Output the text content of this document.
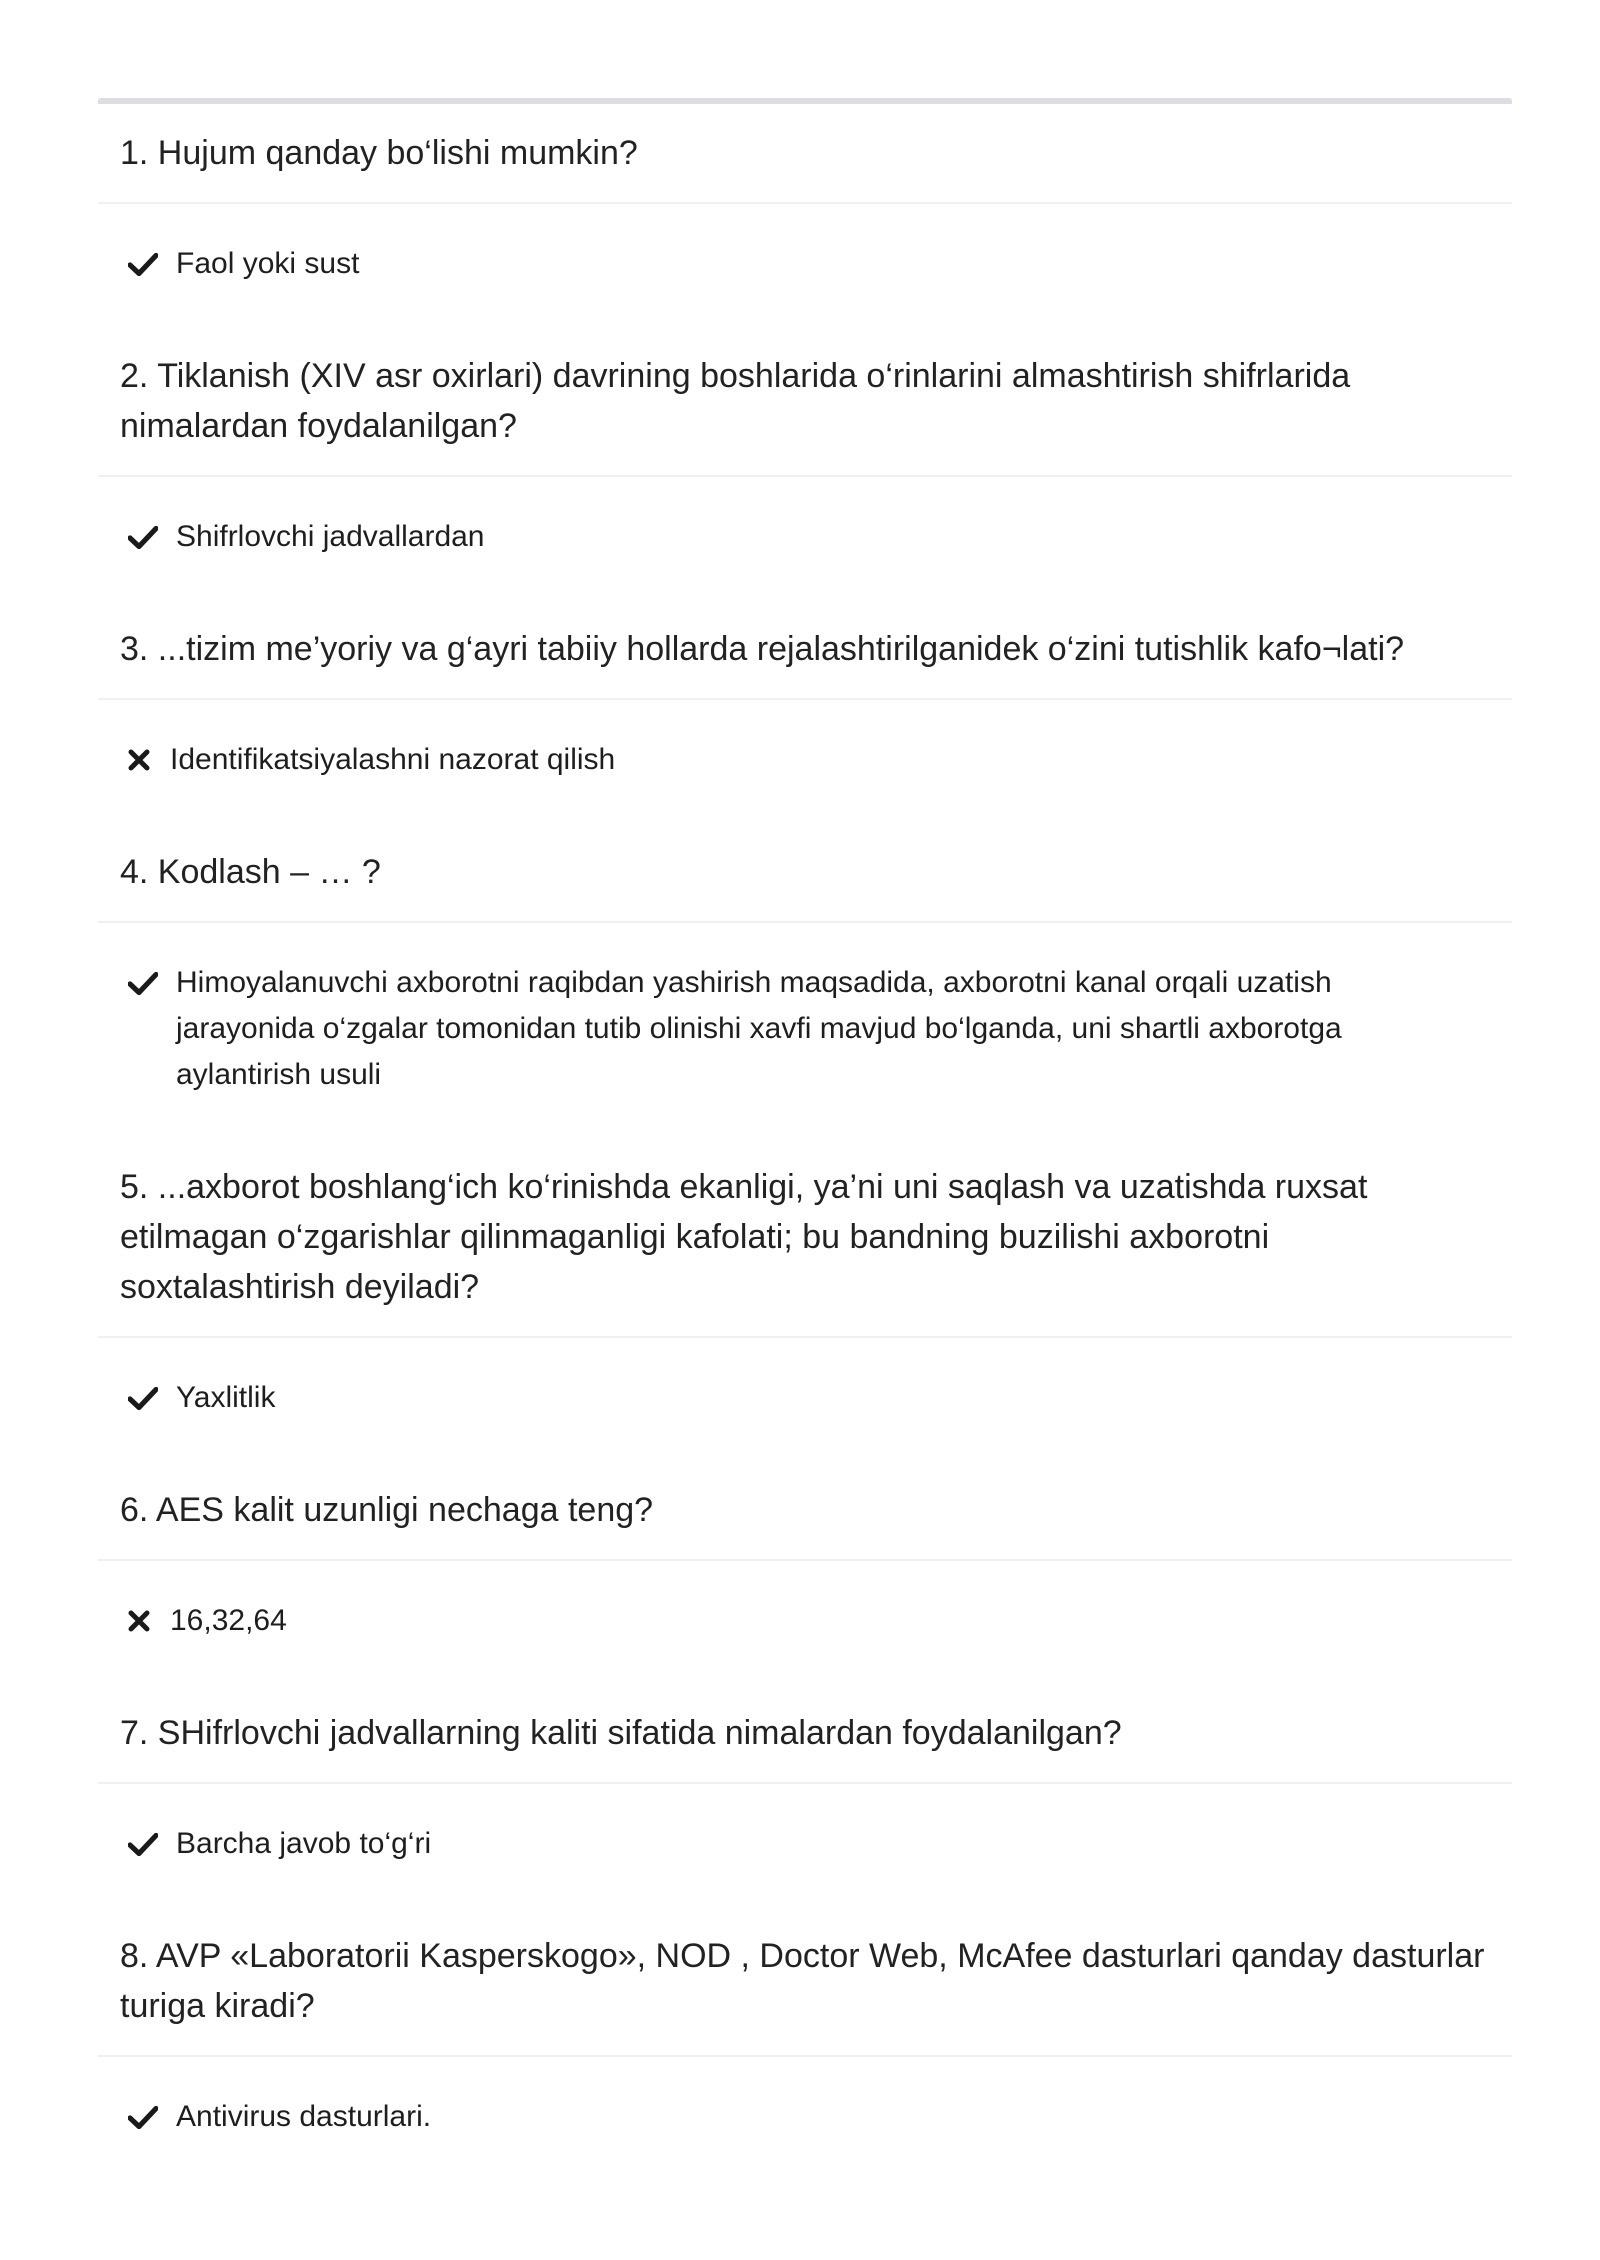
1. Hujum qanday bo‘lishi mumkin?
Faol yoki sust
2. Tiklanish (XIV asr oxirlari) davrining boshlarida o‘rinlarini almashtirish shifrlarida nimalardan foydalanilgan?
Shifrlovchi jadvallardan
3. ...tizim me’yoriy va g‘ayri tabiiy hollarda rejalashtirilganidek o‘zini tutishlik kafo¬lati?
Identifikatsiyalashni nazorat qilish
4. Kodlash – … ?
Himoyalanuvchi axborotni raqibdan yashirish maqsadida, axborotni kanal orqali uzatish jarayonida o‘zgalar tomonidan tutib olinishi xavfi mavjud bo‘lganda, uni shartli axborotga aylantirish usuli
5. ...axborot boshlang‘ich ko‘rinishda ekanligi, ya’ni uni saqlash va uzatishda ruxsat etilmagan o‘zgarishlar qilinmaganligi kafolati; bu bandning buzilishi axborotni soxtalashtirish deyiladi?
Yaxlitlik
6. AES kalit uzunligi nechaga teng?
16,32,64
7. SHifrlovchi jadvallarning kaliti sifatida nimalardan foydalanilgan?
Barcha javob to‘g‘ri
8. AVP «Laboratorii Kasperskogo», NOD , Doctor Web, McAfee dasturlari qanday dasturlar turiga kiradi?
Antivirus dasturlari.
